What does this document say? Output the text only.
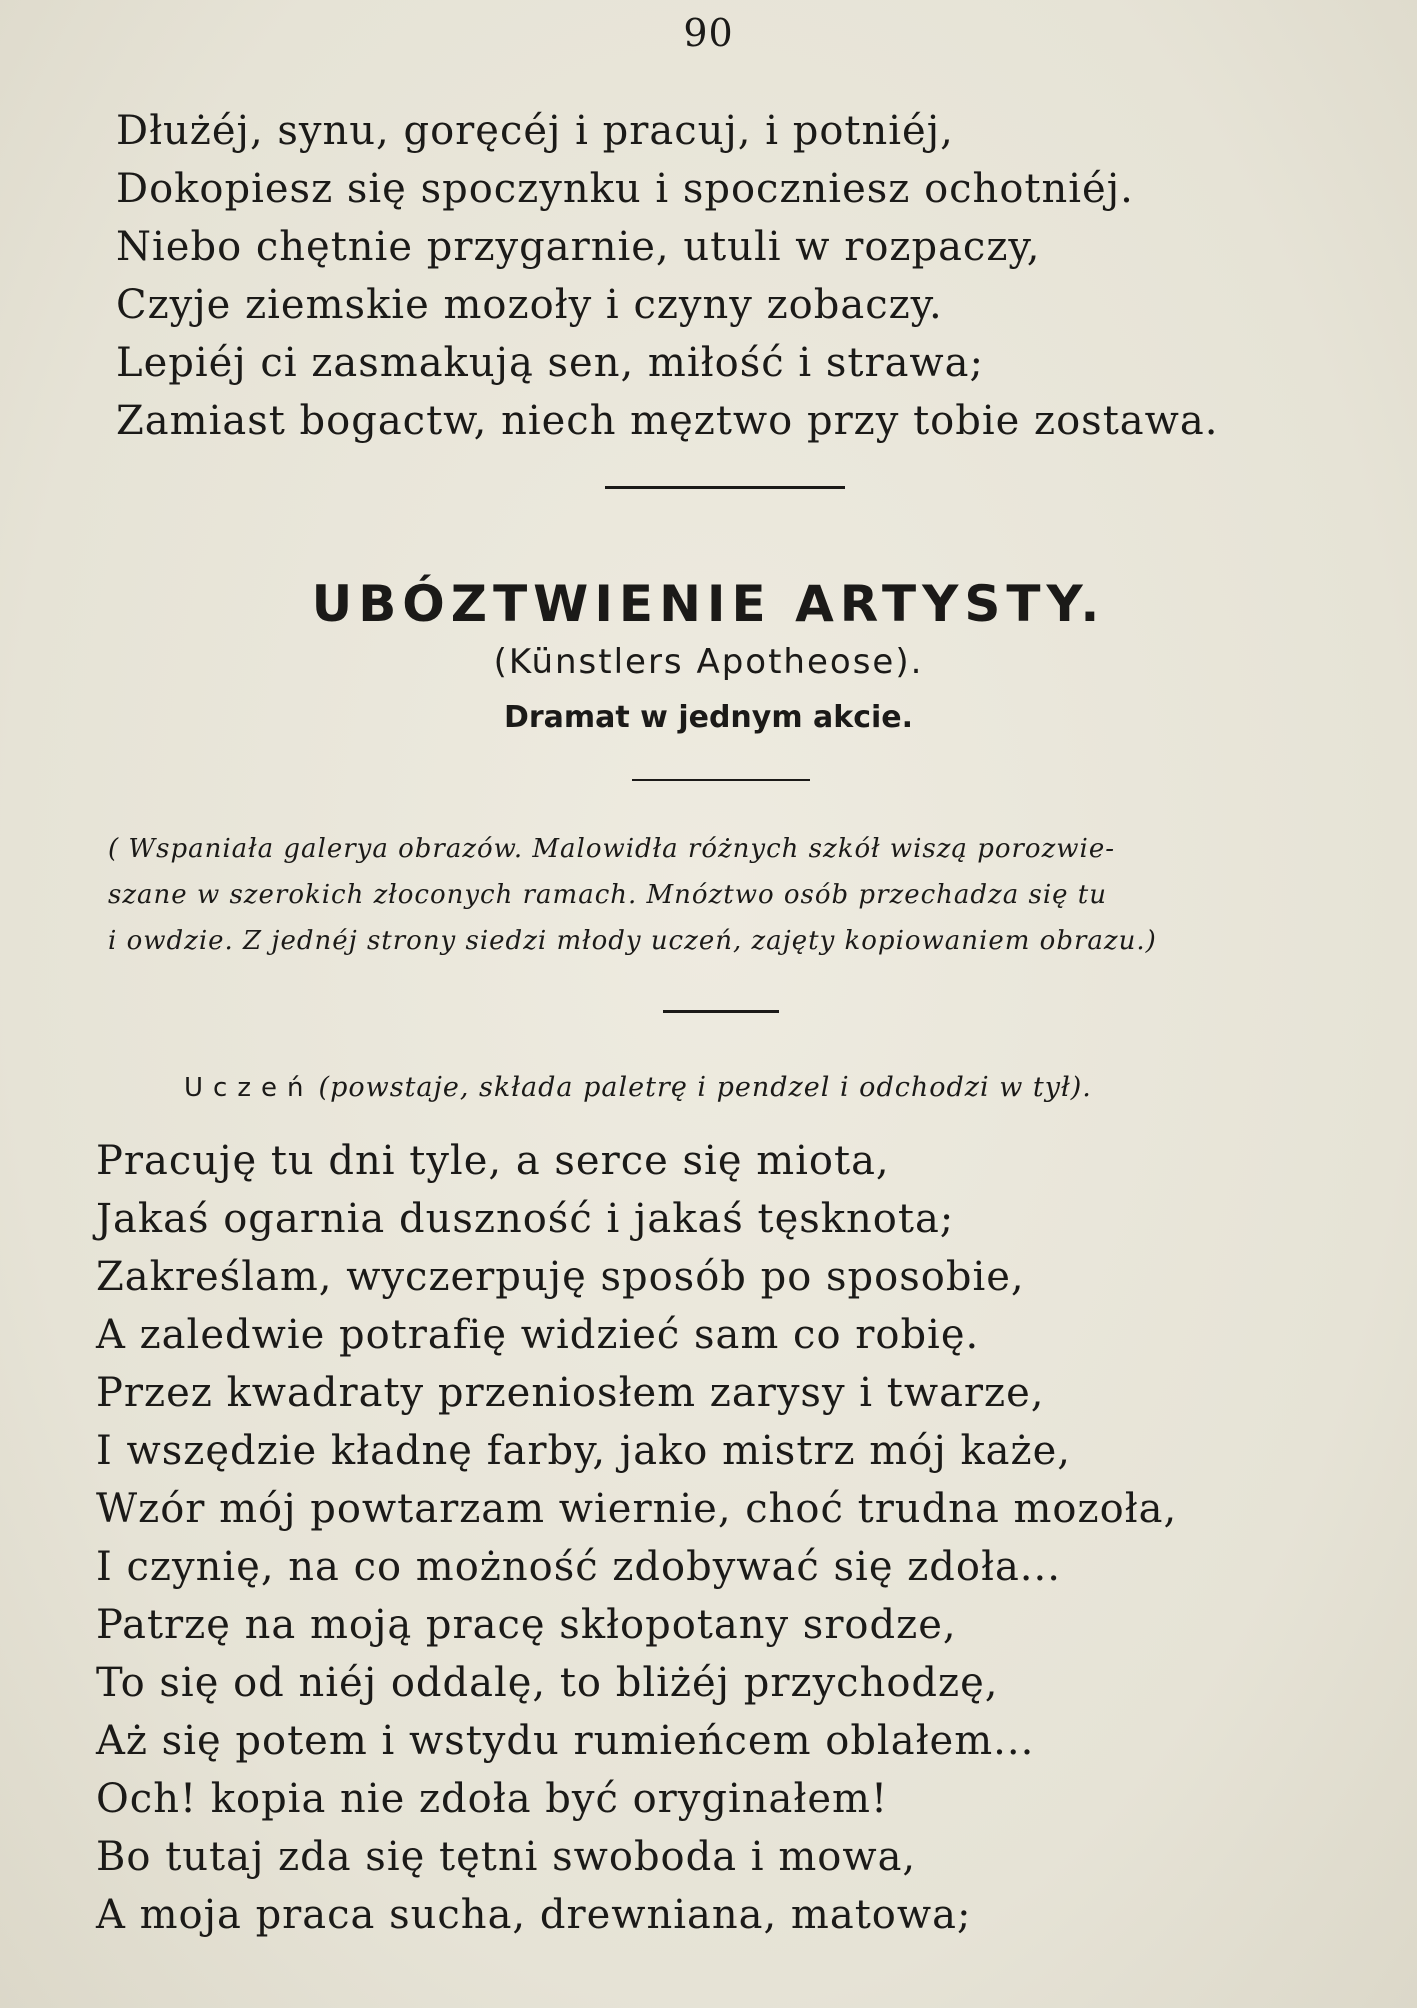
90
Dłużéj, synu, goręcéj i pracuj, i potniéj,
Dokopiesz się spoczynku i spoczniesz ochotniéj.
Niebo chętnie przygarnie, utuli w rozpaczy,
Czyje ziemskie mozoły i czyny zobaczy.
Lepiéj ci zasmakują sen, miłość i strawa;
Zamiast bogactw, niech męztwo przy tobie zostawa.
UBÓZTWIENIE ARTYSTY.
(Künstlers Apotheose).
Dramat w jednym akcie.
( Wspaniała galerya obrazów. Malowidła różnych szkół wiszą porozwie-
szane w szerokich złoconych ramach. Mnóztwo osób przechadza się tu
i owdzie. Z jednéj strony siedzi młody uczeń, zajęty kopiowaniem obrazu.)
Uczeń (powstaje, składa paletrę i pendzel i odchodzi w tył).
Pracuję tu dni tyle, a serce się miota,
Jakaś ogarnia duszność i jakaś tęsknota;
Zakreślam, wyczerpuję sposób po sposobie,
A zaledwie potrafię widzieć sam co robię.
Przez kwadraty przeniosłem zarysy i twarze,
I wszędzie kładnę farby, jako mistrz mój każe,
Wzór mój powtarzam wiernie, choć trudna mozoła,
I czynię, na co możność zdobywać się zdoła...
Patrzę na moją pracę skłopotany srodze,
To się od niéj oddalę, to bliżéj przychodzę,
Aż się potem i wstydu rumieńcem oblałem...
Och! kopia nie zdoła być oryginałem!
Bo tutaj zda się tętni swoboda i mowa,
A moja praca sucha, drewniana, matowa;
